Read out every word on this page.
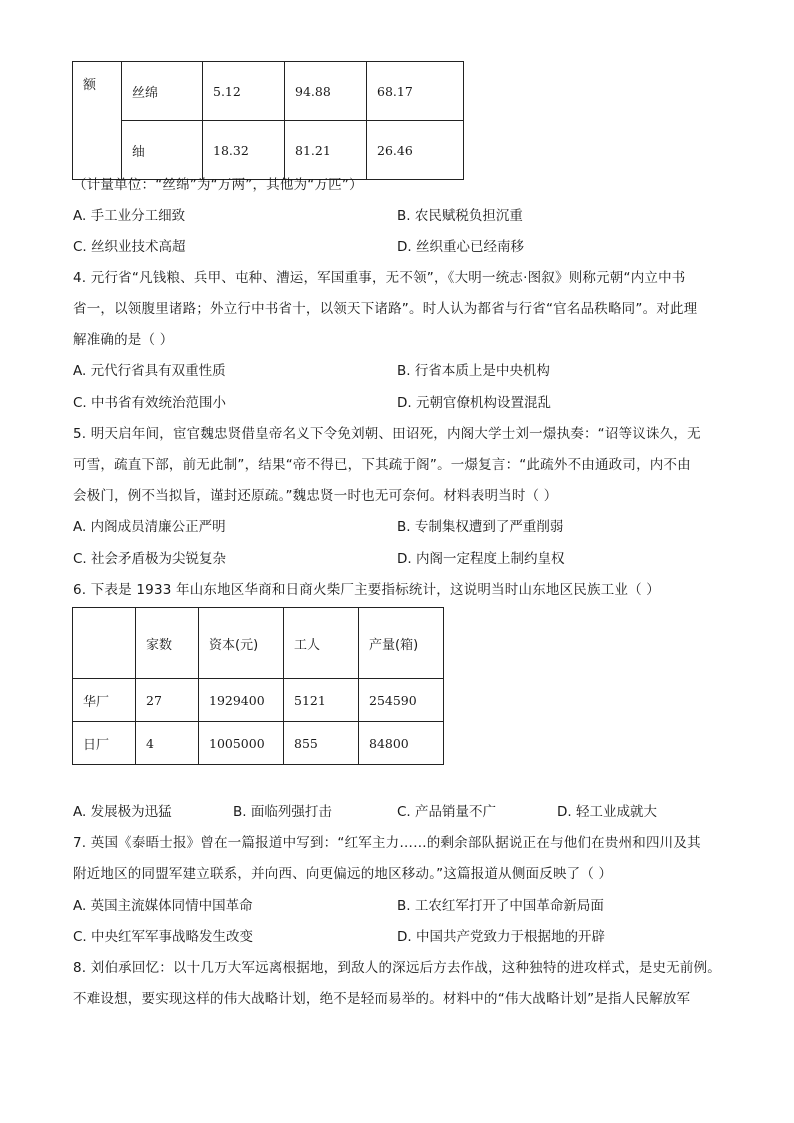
额	丝绵	5.12	94.88	68.17
	䌷	18.32	81.21	26.46
（计量单位：“丝绵”为“万两”，其他为“万匹”）
A. 手工业分工细致	B. 农民赋税负担沉重
C. 丝织业技术高超	D. 丝织重心已经南移
4. 元行省“凡钱粮、兵甲、屯种、漕运，军国重事，无不领”，《大明一统志·图叙》则称元朝“内立中书
省一，以领腹里诸路；外立行中书省十，以领天下诸路”。时人认为都省与行省“官名品秩略同”。对此理
解准确的是（ ）
A. 元代行省具有双重性质	B. 行省本质上是中央机构
C. 中书省有效统治范围小	D. 元朝官僚机构设置混乱
5. 明天启年间，宦官魏忠贤借皇帝名义下令免刘朝、田诏死，内阁大学士刘一燝执奏：“诏等议诛久，无
可雪，疏直下部，前无此制”，结果“帝不得已，下其疏于阁”。一燝复言：“此疏外不由通政司，内不由
会极门，例不当拟旨，谨封还原疏。”魏忠贤一时也无可奈何。材料表明当时（ ）
A. 内阁成员清廉公正严明	B. 专制集权遭到了严重削弱
C. 社会矛盾极为尖锐复杂	D. 内阁一定程度上制约皇权
6. 下表是 1933 年山东地区华商和日商火柴厂主要指标统计，这说明当时山东地区民族工业（ ）
	家数	资本(元)	工人	产量(箱)
华厂	27	1929400	5121	254590
日厂	4	1005000	855	84800
A. 发展极为迅猛	B. 面临列强打击	C. 产品销量不广	D. 轻工业成就大
7. 英国《泰晤士报》曾在一篇报道中写到：“红军主力……的剩余部队据说正在与他们在贵州和四川及其
附近地区的同盟军建立联系，并向西、向更偏远的地区移动。”这篇报道从侧面反映了（ ）
A. 英国主流媒体同情中国革命	B. 工农红军打开了中国革命新局面
C. 中央红军军事战略发生改变	D. 中国共产党致力于根据地的开辟
8. 刘伯承回忆：以十几万大军远离根据地，到敌人的深远后方去作战，这种独特的进攻样式，是史无前例。
不难设想，要实现这样的伟大战略计划，绝不是轻而易举的。材料中的“伟大战略计划”是指人民解放军
